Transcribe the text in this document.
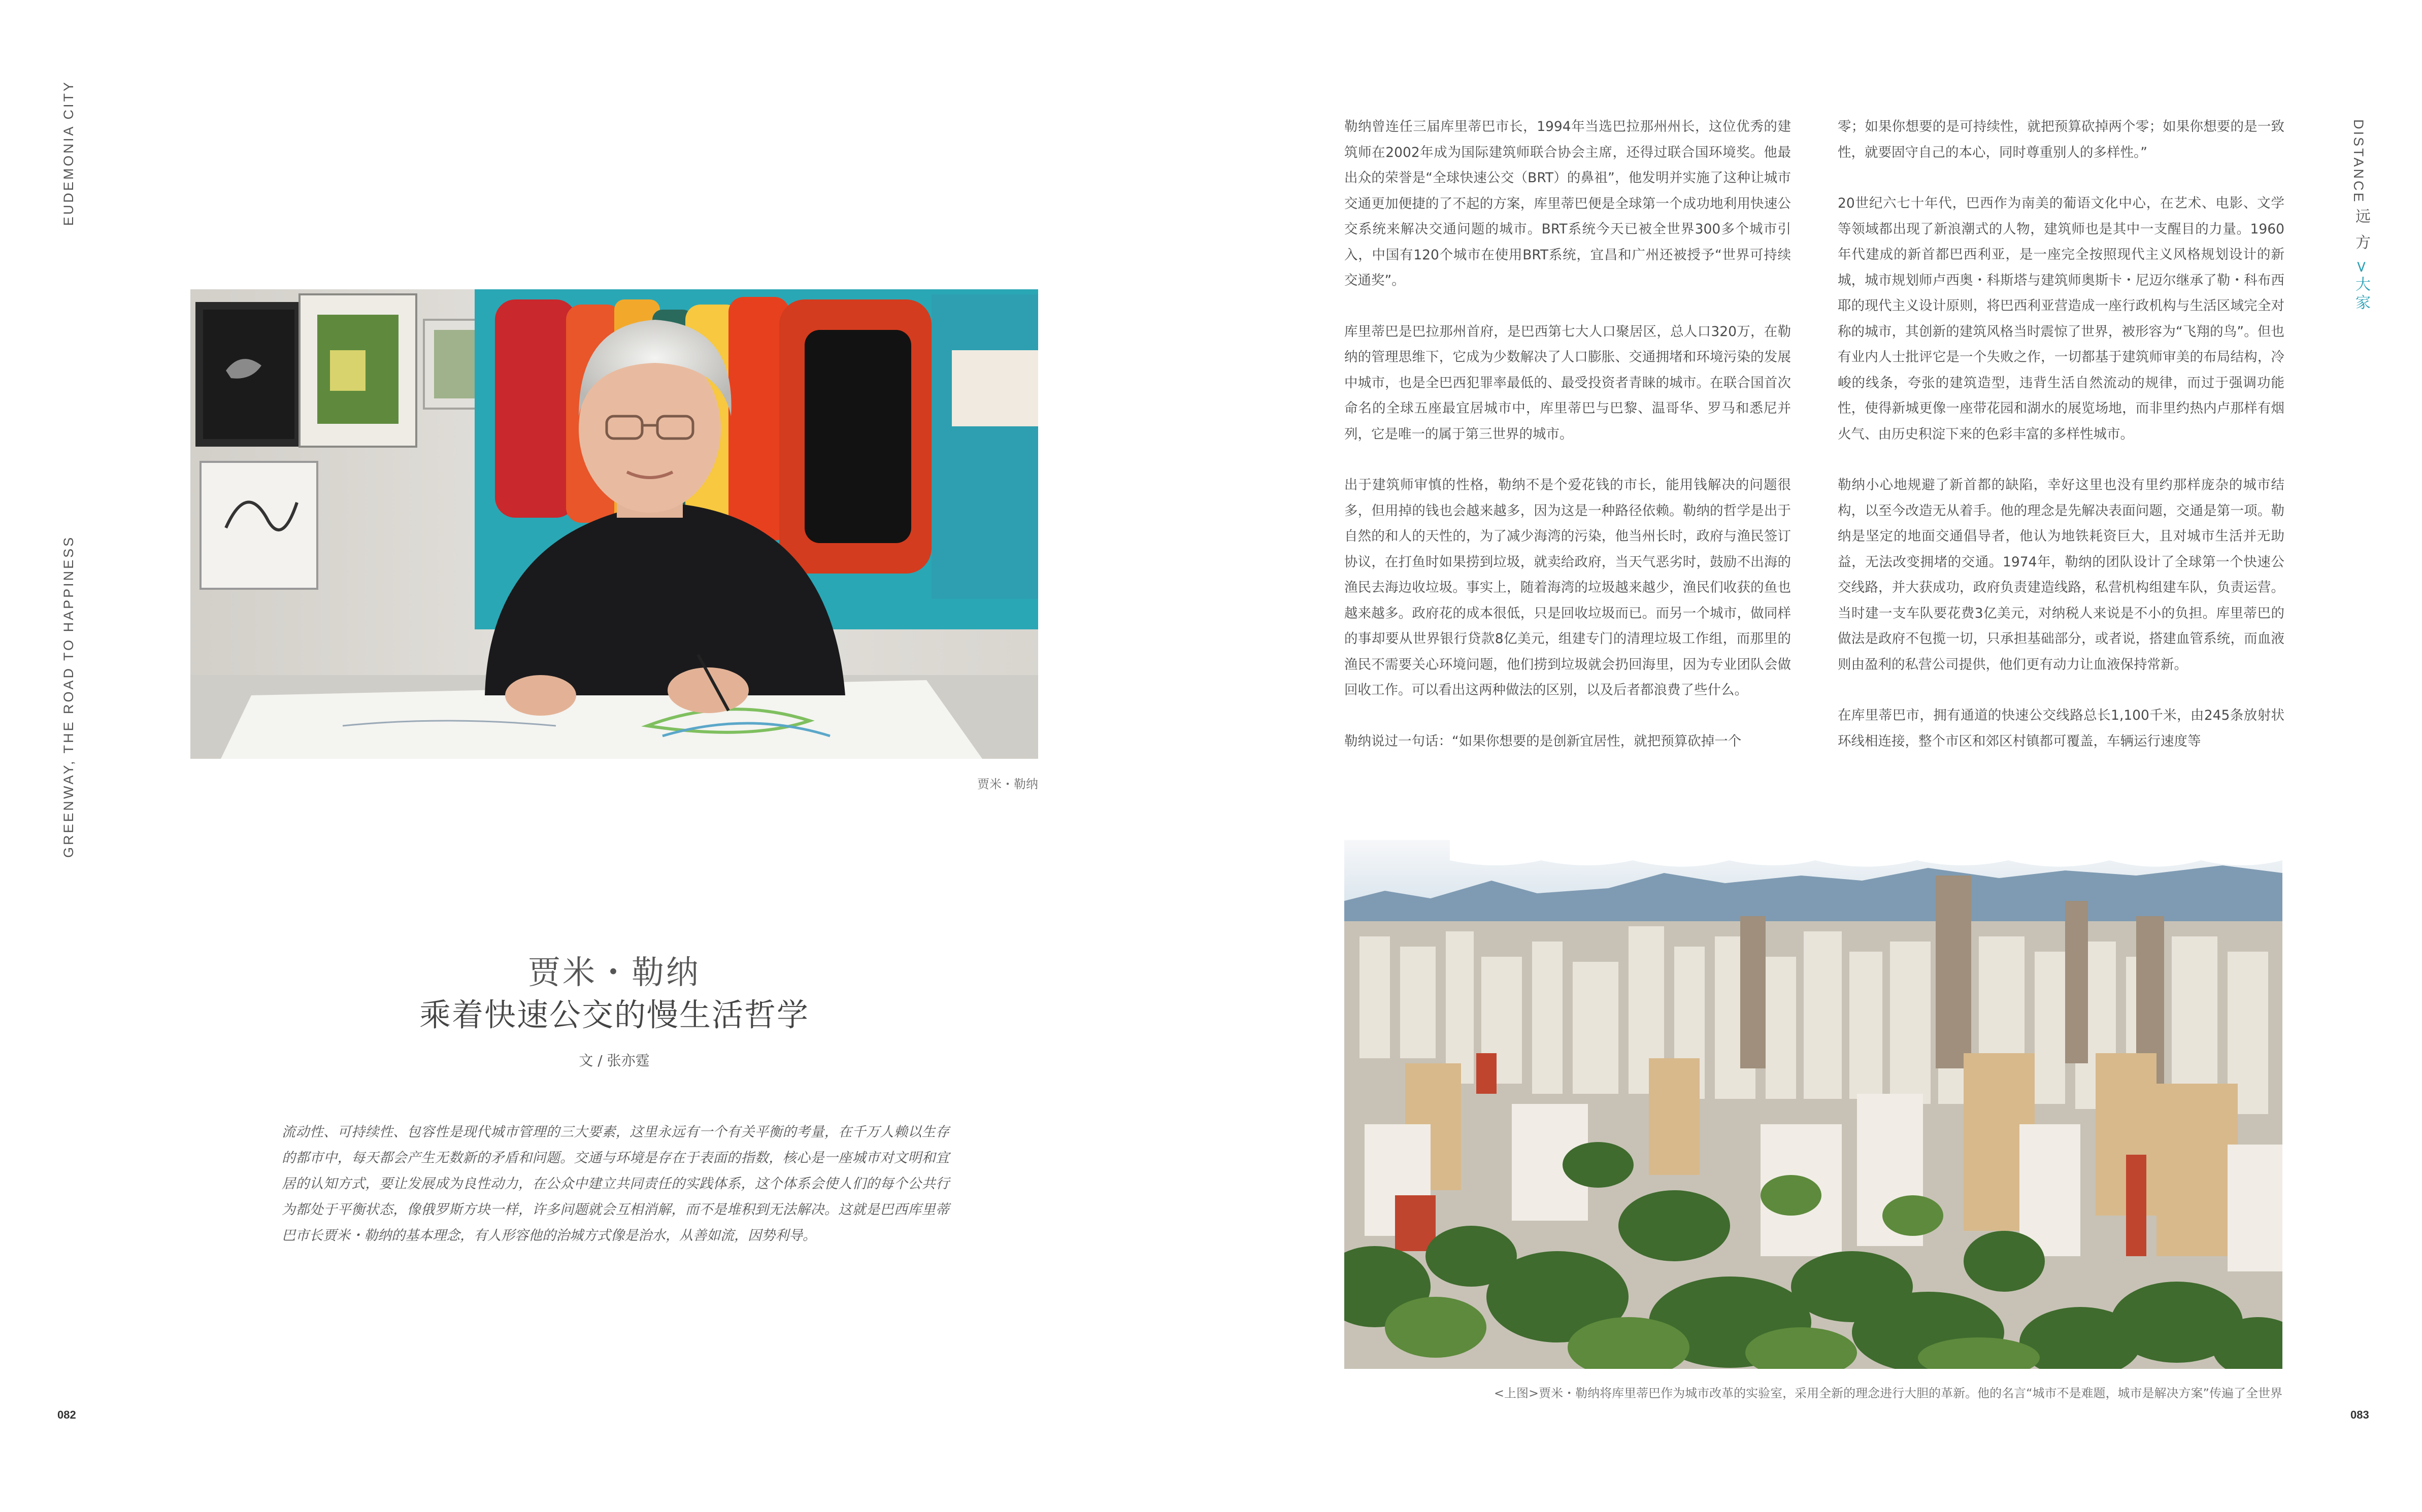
EUDEMONIA CITY
GREENWAY, THE ROAD TO HAPPINESS	贾米・勒纳
贾米・勒纳
乘着快速公交的慢生活哲学
文 / 张亦霆
流动性、可持续性、包容性是现代城市管理的三大要素，这里永远有一个有关平衡的考量，在千万人赖以生存的都市中，每天都会产生无数新的矛盾和问题。交通与环境是存在于表面的指数，核心是一座城市对文明和宜居的认知方式，要让发展成为良性动力，在公众中建立共同责任的实践体系，这个体系会使人们的每个公共行为都处于平衡状态，像俄罗斯方块一样，许多问题就会互相消解，而不是堆积到无法解决。这就是巴西库里蒂巴市长贾米・勒纳的基本理念，有人形容他的治城方式像是治水，从善如流，因势利导。
082

勒纳曾连任三届库里蒂巴市长，1994年当选巴拉那州州长，这位优秀的建筑师在2002年成为国际建筑师联合协会主席，还得过联合国环境奖。他最出众的荣誉是“全球快速公交（BRT）的鼻祖”，他发明并实施了这种让城市交通更加便捷的了不起的方案，库里蒂巴便是全球第一个成功地利用快速公交系统来解决交通问题的城市。BRT系统今天已被全世界300多个城市引入，中国有120个城市在使用BRT系统，宜昌和广州还被授予“世界可持续交通奖”。

库里蒂巴是巴拉那州首府，是巴西第七大人口聚居区，总人口320万，在勒纳的管理思维下，它成为少数解决了人口膨胀、交通拥堵和环境污染的发展中城市，也是全巴西犯罪率最低的、最受投资者青睐的城市。在联合国首次命名的全球五座最宜居城市中，库里蒂巴与巴黎、温哥华、罗马和悉尼并列，它是唯一的属于第三世界的城市。

出于建筑师审慎的性格，勒纳不是个爱花钱的市长，能用钱解决的问题很多，但用掉的钱也会越来越多，因为这是一种路径依赖。勒纳的哲学是出于自然的和人的天性的，为了减少海湾的污染，他当州长时，政府与渔民签订协议，在打鱼时如果捞到垃圾，就卖给政府，当天气恶劣时，鼓励不出海的渔民去海边收垃圾。事实上，随着海湾的垃圾越来越少，渔民们收获的鱼也越来越多。政府花的成本很低，只是回收垃圾而已。而另一个城市，做同样的事却要从世界银行贷款8亿美元，组建专门的清理垃圾工作组，而那里的渔民不需要关心环境问题，他们捞到垃圾就会扔回海里，因为专业团队会做回收工作。可以看出这两种做法的区别，以及后者都浪费了些什么。

勒纳说过一句话：“如果你想要的是创新宜居性，就把预算砍掉一个

零；如果你想要的是可持续性，就把预算砍掉两个零；如果你想要的是一致性，就要固守自己的本心，同时尊重别人的多样性。”

20世纪六七十年代，巴西作为南美的葡语文化中心，在艺术、电影、文学等领域都出现了新浪潮式的人物，建筑师也是其中一支醒目的力量。1960年代建成的新首都巴西利亚，是一座完全按照现代主义风格规划设计的新城，城市规划师卢西奥・科斯塔与建筑师奥斯卡・尼迈尔继承了勒・科布西耶的现代主义设计原则，将巴西利亚营造成一座行政机构与生活区域完全对称的城市，其创新的建筑风格当时震惊了世界，被形容为“飞翔的鸟”。但也有业内人士批评它是一个失败之作，一切都基于建筑师审美的布局结构，冷峻的线条，夸张的建筑造型，违背生活自然流动的规律，而过于强调功能性，使得新城更像一座带花园和湖水的展览场地，而非里约热内卢那样有烟火气、由历史积淀下来的色彩丰富的多样性城市。

勒纳小心地规避了新首都的缺陷，幸好这里也没有里约那样庞杂的城市结构，以至今改造无从着手。他的理念是先解决表面问题，交通是第一项。勒纳是坚定的地面交通倡导者，他认为地铁耗资巨大，且对城市生活并无助益，无法改变拥堵的交通。1974年，勒纳的团队设计了全球第一个快速公交线路，并大获成功，政府负责建造线路，私营机构组建车队，负责运营。当时建一支车队要花费3亿美元，对纳税人来说是不小的负担。库里蒂巴的做法是政府不包揽一切，只承担基础部分，或者说，搭建血管系统，而血液则由盈利的私营公司提供，他们更有动力让血液保持常新。

在库里蒂巴市，拥有通道的快速公交线路总长1,100千米，由245条放射状环线相连接，整个市区和郊区村镇都可覆盖，车辆运行速度等

<上图>贾米・勒纳将库里蒂巴作为城市改革的实验室，采用全新的理念进行大胆的革新。他的名言“城市不是难题，城市是解决方案”传遍了全世界
DISTANCE
远 方 >大家
083
